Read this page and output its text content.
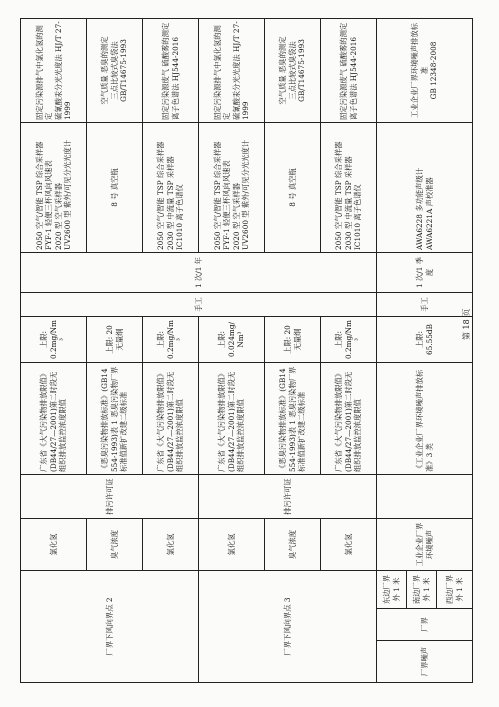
厂界下风向界点 2			氯化氢	排污许可证	广东省《大气污染物排放限值》(DB44/27—2001)第二时段无组织排放监控浓度限值	上限: 0.2mg/Nm³	手工	1 次/1 年	2050 空气/智能 TSP 综合采样器 FYF-1 轻便三杯风向风速表 2020 型 空气采样器 UV2600 型 紫外/可见分光光度计	固定污染源排气中氯化氢的测定 硫氰酸汞分光光度法 HJ/T 27-1999

			臭气浓度		《恶臭污染物排放标准》(GB14554-1993)表 1 恶臭污染物厂界标准值新扩改建二级标准	上限: 20 无量纲			8 号 真空瓶	空气质量 恶臭的测定 三点比较式臭袋法 GB/T14675-1993

			氯化氢		广东省《大气污染物排放限值》(DB44/27—2001)第二时段无组织排放监控浓度限值	上限: 0.2mg/Nm³			2050 空气/智能 TSP 综合采样器 2030 型 中流量 TSP 采样器 IC1010 离子色谱仪	固定污染源废气 硫酸雾的测定 离子色谱法 HJ544-2016

厂界下风向界点 3			氯化氢	排污许可证	广东省《大气污染物排放限值》(DB44/27—2001)第二时段无组织排放监控浓度限值	上限: 0.024mg/Nm³			2050 空气/智能 TSP 综合采样器 FYF-1 轻便三杯风向风速表 2020 型 空气采样器 UV2600 型 紫外/可见分光光度计	固定污染源排气中氯化氢的测定 硫氰酸汞分光光度法 HJ/T 27-1999

			臭气浓度		《恶臭污染物排放标准》(GB14554-1993)表 1 恶臭污染物厂界标准值新扩改建二级标准	上限: 20 无量纲			8 号 真空瓶	空气质量 恶臭的测定 三点比较式臭袋法 GB/T14675-1993

			氯化氢		广东省《大气污染物排放限值》(DB44/27—2001)第二时段无组织排放监控浓度限值	上限: 0.2mg/Nm³			2050 空气/智能 TSP 综合采样器 2030 型 中流量 TSP 采样器 IC1010 离子色谱仪	固定污染源废气 硫酸雾的测定 离子色谱法 HJ544-2016

厂界噪声	厂界	东边厂界外 1 米	工业企业厂界环境噪声		《工业企业厂界环境噪声排放标准》3 类	上限: 65.55dB	手工	1 次/1 季度	AWA6228 多功能声级计 AWA6221A 声校准器	工业企业厂界环境噪声排放标准 GB 12348-2008

		南边厂界外 1 米								
		西边厂界外 1 米								
第 18 页
